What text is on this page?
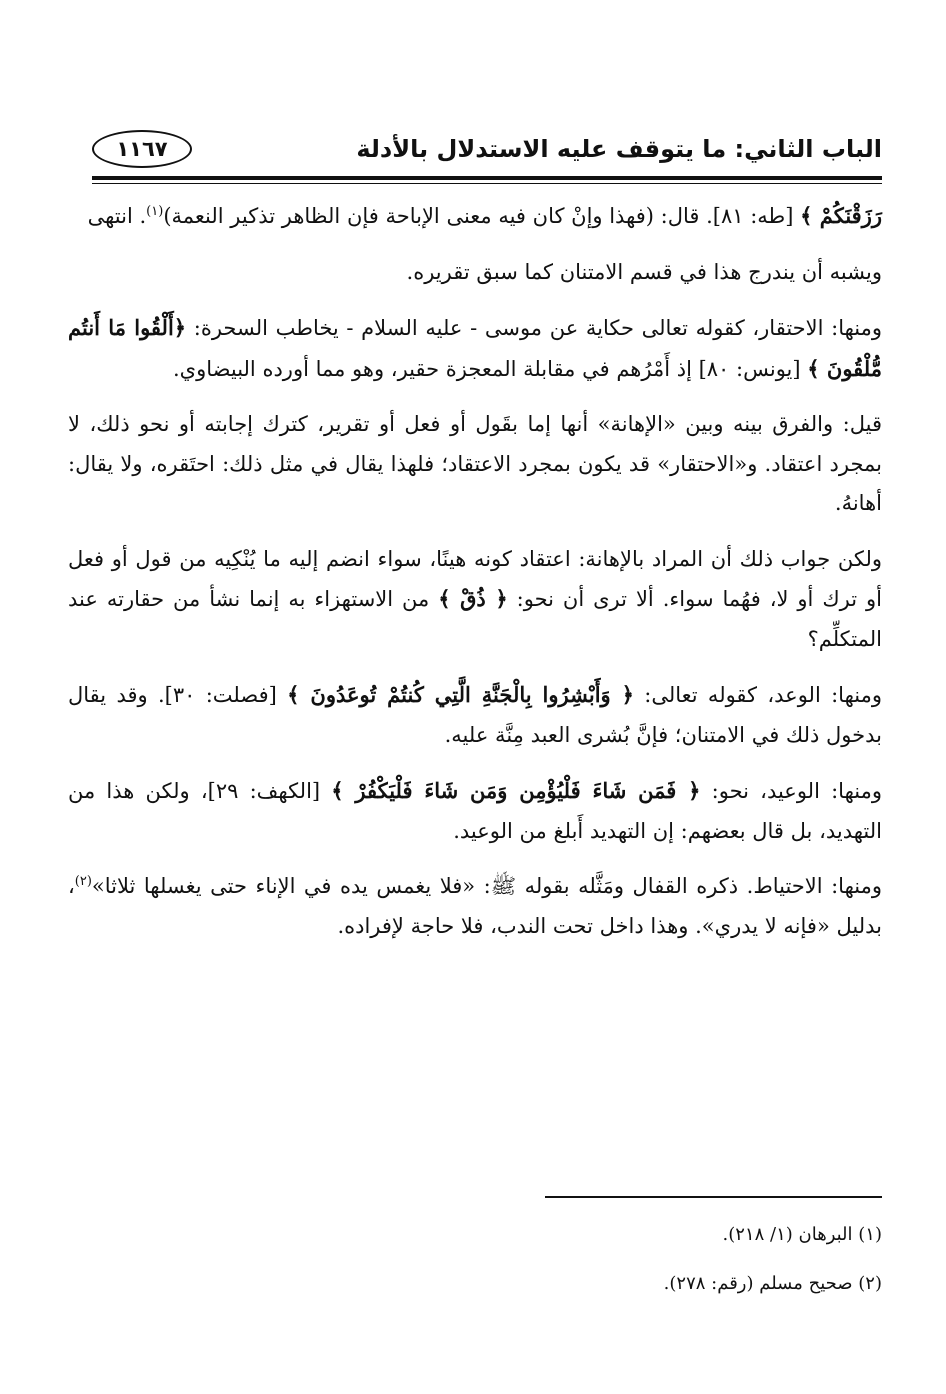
الباب الثاني: ما يتوقف عليه الاستدلال بالأدلة
١١٦٧

رَزَقْنَكُمْ ﴾ [طه: ٨١]. قال: (فهذا وإنْ كان فيه معنى الإباحة فإن الظاهر تذكير النعمة)$^{(١)}$. انتهى

ويشبه أن يندرج هذا في قسم الامتنان كما سبق تقريره.

ومنها: الاحتقار، كقوله تعالى حكاية عن موسى - عليه السلام - يخاطب السحرة: ﴿أَلْقُوا مَا أَنتُم مُّلْقُونَ ﴾ [يونس: ٨٠] إذ أَمْرُهم في مقابلة المعجزة حقير، وهو مما أورده البيضاوي.

قيل: والفرق بينه وبين «الإهانة» أنها إما بقَول أو فعل أو تقرير، كترك إجابته أو نحو ذلك، لا بمجرد اعتقاد. و«الاحتقار» قد يكون بمجرد الاعتقاد؛ فلهذا يقال في مثل ذلك: احتَقره، ولا يقال: أهانهُ.

ولكن جواب ذلك أن المراد بالإهانة: اعتقاد كونه هينًا، سواء انضم إليه ما يُنْكِيه من قول أو فعل أو ترك أو لا، فهُما سواء. ألا ترى أن نحو: ﴿ ذُقْ ﴾ من الاستهزاء به إنما نشأ من حقارته عند المتكلِّم؟

ومنها: الوعد، كقوله تعالى: ﴿ وَأَبْشِرُوا بِالْجَنَّةِ الَّتِي كُنتُمْ تُوعَدُونَ ﴾ [فصلت: ٣٠]. وقد يقال بدخول ذلك في الامتنان؛ فإنَّ بُشرى العبد مِنَّة عليه.

ومنها: الوعيد، نحو: ﴿ فَمَن شَاءَ فَلْيُؤْمِن وَمَن شَاءَ فَلْيَكْفُرْ ﴾ [الكهف: ٢٩]، ولكن هذا من التهديد، بل قال بعضهم: إن التهديد أَبلغ من الوعيد.

ومنها: الاحتياط. ذكره القفال ومَثَّله بقوله ﷺ: «فلا يغمس يده في الإناء حتى يغسلها ثلاثا»$^{(٢)}$، بدليل «فإنه لا يدري». وهذا داخل تحت الندب، فلا حاجة لإفراده.

(١) البرهان (١/ ٢١٨).

(٢) صحيح مسلم (رقم: ٢٧٨).
